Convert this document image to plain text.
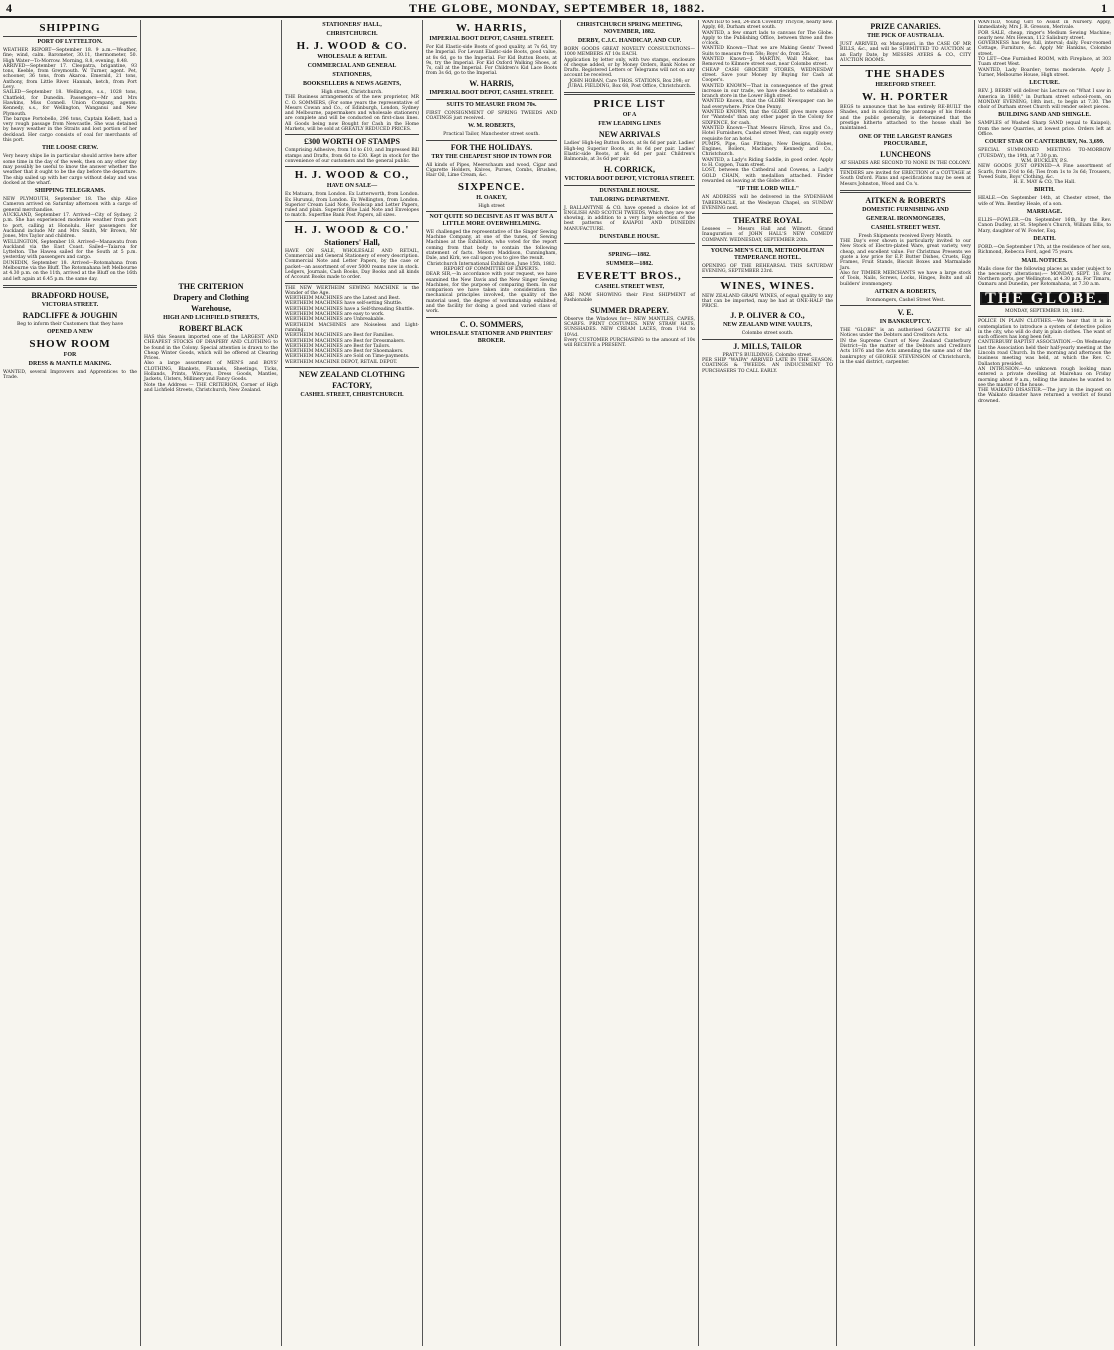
4	THE GLOBE, MONDAY, SEPTEMBER 18, 1882.	1
SHIPPING
PORT OF LYTTELTON.
WEATHER REPORT—September 18. 9 a.m.—Weather, fine; wind, calm. Barometer, 30.11, thermometer, 50. High Water—To-Morrow. Morning, 8.8, evening, 8.48.
ARRIVED—September 17. Cleopatra, brigantine, 93 tons, Keeble, from Greymouth. W. Turner, agent. Pet, schooner, 36 tons, from Akaroa. Emerald, 21 tons, Anthony, from Little River. Hannah, ketch, from Port Levy.
SAILED—September 18. Wellington, s.s., 1028 tons, Chatfield, for Dunedin. Passengers—Mr and Mrs Hawkins, Miss Connell. Union Company, agents. Kennedy, s.s., for Wellington, Wanganui and New Plymouth.
The barque Portobello, 296 tons, Captain Kellett, had a very rough passage from Newcastle. She was detained by heavy weather in the Straits and lost portion of her deckload. Her cargo consists of coal for merchants of this port.
THE LOOSE CREW.
Very heavy ships lie in particular should arrive here after some time in the day of the week, then on any other day may possibly be useful to know the answer whether the weather that it ought to be the day before the departure. The ship sailed up with her cargo without delay and was docked at the wharf.
SHIPPING TELEGRAMS.
NEW PLYMOUTH, September 18. The ship Alice Cameron arrived on Saturday afternoon with a cargo of general merchandise.
AUCKLAND, September 17. Arrived—City of Sydney, 2 p.m. She has experienced moderate weather from port to port, calling at Honolulu. Her passengers for Auckland include Mr and Mrs Smith, Mr Brown, Mr Jones, Mrs Taylor and children.
WELLINGTON, September 18. Arrived—Manawatu from Auckland via the East Coast. Sailed—Taiaroa for Lyttelton. The Hawea sailed for the South at 5 p.m. yesterday with passengers and cargo.
DUNEDIN, September 18. Arrived—Rotomahana from Melbourne via the Bluff. The Rotomahana left Melbourne at 4.30 p.m. on the 11th, arrived at the Bluff on the 16th and left again at 6.45 p.m. the same day.
BRADFORD HOUSE,
VICTORIA STREET.
RADCLIFFE & JOUGHIN
Beg to inform their Customers that they have
OPENED A NEW
SHOW ROOM
FOR
DRESS & MANTLE MAKING.
WANTED, several Improvers and Apprentices to the Trade.
THE CRITERION
Drapery and Clothing
Warehouse,
HIGH AND LICHFIELD STREETS,
ROBERT BLACK
HAS this Season imported one of the LARGEST AND CHEAPEST STOCKS OF DRAPERY AND CLOTHING to be found in the Colony. Special attention is drawn to the Cheap Winter Goods, which will be offered at Clearing Prices.
Also a large assortment of MEN'S and BOYS' CLOTHING, Blankets, Flannels, Sheetings, Ticks, Hollands, Prints, Winceys, Dress Goods, Mantles, Jackets, Ulsters, Millinery and Fancy Goods.
Note the Address — THE CRITERION, Corner of High and Lichfield Streets, Christchurch, New Zealand.
STATIONERS' HALL,
CHRISTCHURCH.
H. J. WOOD & CO.
WHOLESALE & RETAIL
COMMERCIAL AND GENERAL
STATIONERS,
BOOKSELLERS & NEWS AGENTS,
High street, Christchurch.
THE Business arrangements of the new proprietor, MR C. O. SOMMERS, (For some years the representative of Messrs Cowan and Co., of Edinburgh, London, Sydney and Melbourne, papermakers and wholesale stationers) are complete and will be conducted on first-class lines. All Goods being now Bought for Cash in the Home Markets, will be sold at GREATLY REDUCED PRICES.
£300 WORTH OF STAMPS
Comprising Adhesive, from 1d to £10, and Impressed Bill stamps and Drafts, from 6d to £30. Kept in stock for the convenience of our customers and the general public.
H. J. WOOD & CO.,
HAVE ON SALE—
Ex Matuara, from London. Ex Lutterworth, from London. Ex Hurunui, from London. Ex Wellington, from London. Superior Cream Laid Note, Foolscap and Letter Papers, ruled and plain. Superior Blue Laid Note and Envelopes to match. Superfine Bank Post Papers, all sizes.
H. J. WOOD & CO.'
Stationers' Hall,
HAVE ON SALE, WHOLESALE AND RETAIL, Commercial and General Stationery of every description. Commercial Note and Letter Papers, by the case or packet—an assortment of over 5000 reams now in stock. Ledgers, Journals, Cash Books, Day Books and all kinds of Account Books made to order.
THE NEW WERTHEIM SEWING MACHINE is the Wonder of the Age.
WERTHEIM MACHINES are the Latest and Best.
WERTHEIM MACHINES have self-setting Shuttle.
WERTHEIM MACHINES have a Self-threading Shuttle.
WERTHEIM MACHINES are easy to work.
WERTHEIM MACHINES are Unbreakable.
WERTHEIM MACHINES are Noiseless and Light-running.
WERTHEIM MACHINES are Best for Families.
WERTHEIM MACHINES are Best for Dressmakers.
WERTHEIM MACHINES are Best for Tailors.
WERTHEIM MACHINES are Best for Shoemakers.
WERTHEIM MACHINES are Sold on Time-payments.
WERTHEIM MACHINE DEPOT, RETAIL DEPOT.
NEW ZEALAND CLOTHING
FACTORY,
CASHEL STREET, CHRISTCHURCH.
W. HARRIS,
IMPERIAL BOOT DEPOT, CASHEL STREET.
For Kid Elastic-side Boots of good quality, at 7s 6d, try the Imperial. For Levant Elastic-side Boots, good value, at 8s 6d, go to the Imperial. For Kid Button Boots, at 9s, try the Imperial. For Kid Oxford Walking Shoes, at 7s, call at the Imperial. For Children's Kid Lace Boots from 3s 6d, go to the Imperial.
W. HARRIS,
IMPERIAL BOOT DEPOT, CASHEL STREET.
SUITS TO MEASURE FROM 70s.
FIRST CONSIGNMENT OF SPRING TWEEDS AND COATINGS just received.
W. M. ROBERTS,
Practical Tailor, Manchester street south.
FOR THE HOLIDAYS.
TRY THE CHEAPEST SHOP IN TOWN FOR
All kinds of Pipes, Meerschaum and wood, Cigar and Cigarette Holders, Knives, Purses, Combs, Brushes, Hair Oil, Lime Cream, &c.
SIXPENCE.
H. OAKEY,
High street
NOT QUITE SO DECISIVE AS IT WAS BUT A LITTLE MORE OVERWHELMING.
WE challenged the representative of the Singer Sewing Machine Company, at one of the tunes, of Sewing Machines at the Exhibition, who voted for the report coming from that body to contain the following statement of facts. Messrs Maddison, Cunningham, Dale, and Kirk, we call upon you to give the result.
Christchurch International Exhibition, June 15th, 1882. REPORT OF COMMITTEE OF EXPERTS.
DEAR SIR,—In accordance with your request, we have examined the New Davis and the New Singer Sewing Machines, for the purpose of comparing them. In our comparison we have taken into consideration the mechanical principles involved, the quality of the material used, the degree of workmanship exhibited, and the facility for doing a good and varied class of work.
C. O. SOMMERS,
WHOLESALE STATIONER AND PRINTERS' BROKER.
CHRISTCHURCH SPRING MEETING, NOVEMBER, 1882.
DERBY, C.J.C. HANDICAP, AND CUP.
BORN GOODS GREAT NOVELTY CONSULTATIONS—1000 MEMBERS AT 10s EACH.
Application by letter only, with two stamps, enclosure of cheque added, or by Money Orders, Bank Notes or Drafts. Registered Letters or Telegrams will not on any account be received.
JOHN HOBAN, Care THOS. STATIONS, Box 298; or JUBAL FIELDING, Box 68, Post Office, Christchurch.
PRICE LIST
OF A
FEW LEADING LINES
NEW ARRIVALS
Ladies' High-leg Button Boots, at 8s 6d per pair. Ladies' High-leg Superior Boots, at 8s 6d per pair. Ladies' Elastic-side Boots, at 6s 6d per pair. Children's Balmorals, at 3s 6d per pair.
H. CORRICK,
VICTORIA BOOT DEPOT, VICTORIA STREET.
DUNSTABLE HOUSE.
TAILORING DEPARTMENT.
J. BALLANTYNE & CO. have opened a choice lot of ENGLISH AND SCOTCH TWEEDS, Which they are now showing, in addition to a very large selection of the best patterns of KAIAPOI AND DUNEDIN MANUFACTURE.
DUNSTABLE HOUSE.
SPRING—1882.
SUMMER—1882.
EVERETT BROS.,
CASHEL STREET WEST,
ARE NOW SHOWING their First SHIPMENT of Fashionable
SUMMER DRAPERY.
Observe the Windows for— NEW MANTLES, CAPES, SCARFS. PRINT COSTUMES. NEW STRAW HATS, SUNSHADES. NEW CREAM LACES, from 1½d to 10½d.
Every CUSTOMER PURCHASING to the amount of 10s will RECEIVE a PRESENT.
WANTED to Sell, 24-inch Coventry Tricycle, nearly new. Apply, 60, Durham street south.
WANTED, a few smart lads to canvass for The Globe. Apply to the Publishing Office, between three and five o'clock.
WANTED Known—That we are Making Gents' Tweed Suits to measure from 58s; Boys' do, from 25s.
WANTED Known—J. MARTIN, Wall Maker, has Removed to Kilmore street east, near Colombo street.
CHEAP CASH GROCERY STORES, WEDNESDAY street. Save your Money by Buying for Cash at Cooper's.
WANTED KNOWN—That in consequence of the great increase in our trade, we have decided to establish a branch store in the Lower High street.
WANTED Known, that the GLOBE Newspaper can be had everywhere. Price One Penny.
WANTED KNOWN, that the GLOBE gives more space for "Wanteds" than any other paper in the Colony for SIXPENCE, for cash.
WANTED Known—That Messrs Hirsch, Eros and Co., Hotel Furnishers, Cashel street West, can supply every requisite for an hotel.
PUMPS, Pipe, Gas Fittings, New Designs, Globes, Engines, Boilers, Machinery. Kennedy and Co., Christchurch.
WANTED, a Lady's Riding Saddle, in good order. Apply to H. Coppen, Tuam street.
LOST, between the Cathedral and Cowens, a Lady's GOLD CHAIN, with medallion attached. Finder rewarded on leaving at the Globe office.
"IF THE LORD WILL"
AN ADDRESS will be delivered in the SYDENHAM TABERNACLE, at the Wesleyan Chapel, on SUNDAY EVENING next.
THEATRE ROYAL
Lessees — Messrs Hall and Wilmott. Grand Inauguration of JOHN HALL'S NEW COMEDY COMPANY. WEDNESDAY, SEPTEMBER 20th.
YOUNG MEN'S CLUB, METROPOLITAN TEMPERANCE HOTEL.
OPENING OF THE REHEARSAL THIS SATURDAY EVENING, SEPTEMBER 23rd.
WINES, WINES.
NEW ZEALAND GRAPE WINES, of equal quality to any that can be imported, may be had at ONE-HALF the PRICE.
J. P. OLIVER & CO.,
NEW ZEALAND WINE VAULTS,
Colombo street south.
J. MILLS, TAILOR
PRATT'S BUILDINGS, Colombo street.
PER SHIP "WAIPA" ARRIVED LATE IN THE SEASON. COATINGS & TWEEDS. AN INDUCEMENT TO PURCHASERS TO CALL EARLY.
PRIZE CANARIES.
THE PICK OF AUSTRALIA.
JUST ARRIVED, ex Manapouri, in the CASE OF MR BILLS, &c., and will be SUBMITTED TO AUCTION at an Early Date, by MESSRS AYERS & CO., CITY AUCTION ROOMS.
THE SHADES
HEREFORD STREET.
W. H. PORTER
BEGS to announce that he has entirely RE-BUILT the Shades, and in soliciting the patronage of his friends and the public generally, is determined that the prestige hitherto attached to the house shall be maintained.
ONE OF THE LARGEST RANGES PROCURABLE,
LUNCHEONS
AT SHADES ARE SECOND TO NONE IN THE COLONY.
TENDERS are invited for ERECTION of a COTTAGE at South Oxford. Plans and specifications may be seen at Messrs Johnston, Wood and Co.'s.
AITKEN & ROBERTS
DOMESTIC FURNISHING AND
GENERAL IRONMONGERS,
CASHEL STREET WEST.
Fresh Shipments received Every Month.
THE Day's ever shown is particularly invited to our New Stock of Electro-plated Ware, great variety, very cheap, and excellent value. For Christmas Presents we quote a low price for E.P. Butter Dishes, Cruets, Egg Frames, Fruit Stands, Biscuit Boxes and Marmalade Jars.
Also for TIMBER MERCHANTS we have a large stock of Tools, Nails, Screws, Locks, Hinges, Bolts and all builders' ironmongery.
AITKEN & ROBERTS,
Ironmongers, Cashel Street West.
V. E.
IN BANKRUPTCY.
THE "GLOBE" is an authorised GAZETTE for all Notices under the Debtors and Creditors Acts.
IN the Supreme Court of New Zealand Canterbury District—In the matter of the Debtors and Creditors Acts 1876 and the Acts amending the same and of the bankruptcy of GEORGE STEVENSON of Christchurch, in the said district, carpenter.
WANTED, Young Girl to Assist in Nursery. Apply, immediately, Mrs J. R. Gresson, Merivale.
FOR SALE, cheap, ringer's Medium Sewing Machine; nearly new. Mrs Hewan, 112 Salisbury street.
GOVERNESS has few, full, interval; daily. Four-roomed Cottage, Furniture, &c. Apply Mr Hankins, Colombo street.
TO LET—One Furnished ROOM, with Fireplace, at 303 Tuam street West.
WANTED, Lady Boarder; terms moderate. Apply J. Turner, Melbourne House, High street.
LECTURE.
REV. J. BERRY will deliver his Lecture on "What I saw in America in 1880," in Durham street school-room, on MONDAY EVENING, 18th inst., to begin at 7.30. The choir of Durham street Church will render select pieces.
BUILDING SAND AND SHINGLE.
SAMPLES of Washed Sharp SAND (equal to Kaiapoi), from the new Quarries, at lowest price. Orders left at Office.
COURT STAR OF CANTERBURY, No. 3,699.
SPECIAL SUMMONED MEETING TO-MORROW (TUESDAY), the 19th, at 7.30 p.m.
W.M. BUCKLEY, P.S.
NEW GOODS JUST OPENED—A Fine assortment of Scarfs, from 2½d to 6d; Ties from 1s to 3s 6d; Trousers, Tweed Suits, Boys' Clothing, &c.
H. E. MAY & CO, The Hall.
BIRTH.
HEALE.—On September 14th, at Chester street, the wife of Wm. Bentley Heale, of a son.
MARRIAGE.
ELLIS—FOWLER.—On September 16th, by the Rev. Canon Dudley, at St. Stephen's Church, William Ellis, to Mary, daughter of W. Fowler, Esq.
DEATH.
FORD.—On September 17th, at the residence of her son, Richmond, Rebecca Ford, aged 75 years.
MAIL NOTICES.
Mails close for the following places as under (subject to the necessary alterations):— MONDAY, SEPT. 18. For Northern ports, per Wellington, at 4.30 p.m. For Timaru, Oamaru and Dunedin, per Rotomahana, at 7.30 a.m.
THE GLOBE.
MONDAY, SEPTEMBER 18, 1882.
POLICE IN PLAIN CLOTHES.—We hear that it is in contemplation to introduce a system of detective police in the city, who will do duty in plain clothes. The want of such officers has long been felt.
CANTERBURY BAPTIST ASSOCIATION.—On Wednesday last the Association held their half-yearly meeting at the Lincoln road Church. In the morning and afternoon the business meeting was held, at which the Rev. C. Dallaston presided.
AN INTRUSION.—An unknown rough looking man entered a private dwelling at Mairehau on Friday morning about 9 a.m., telling the inmates he wanted to see the master of the house.
THE WAIKATO DISASTER.—The jury in the inquest on the Waikato disaster have returned a verdict of found drowned.
